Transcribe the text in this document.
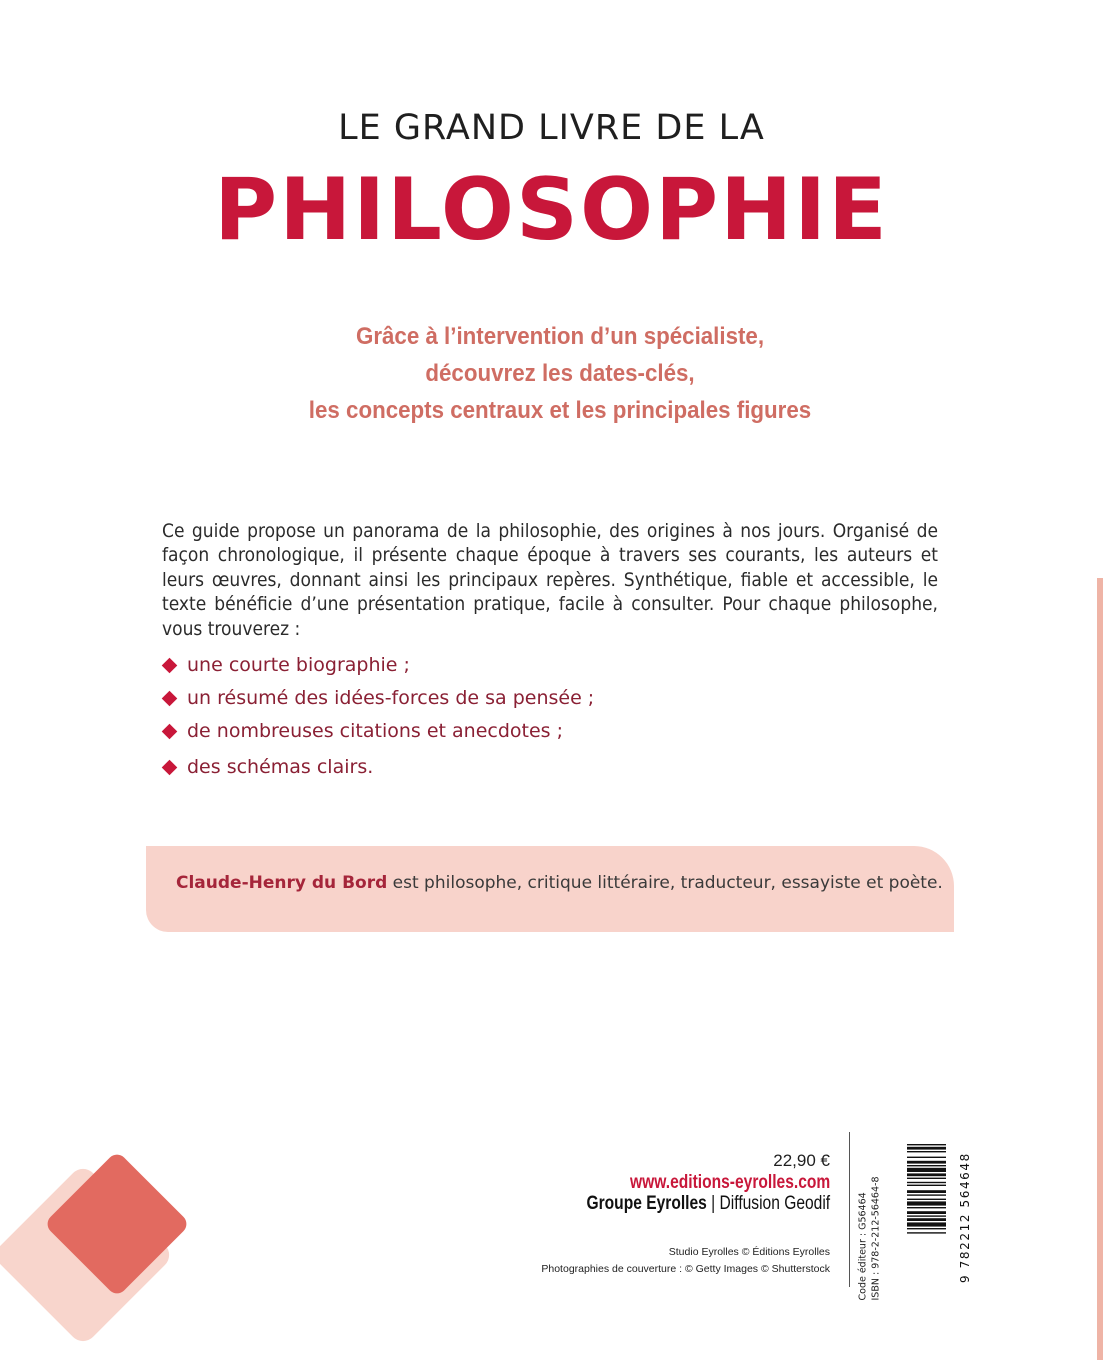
LE GRAND LIVRE DE LA
PHILOSOPHIE
Grâce à l’intervention d’un spécialiste,
découvrez les dates-clés,
les concepts centraux et les principales figures
Ce guide propose un panorama de la philosophie, des origines à nos jours. Organisé de façon chronologique, il présente chaque époque à travers ses courants, les auteurs et leurs œuvres, donnant ainsi les principaux repères. Synthétique, fiable et accessible, le texte bénéficie d’une présentation pratique, facile à consulter. Pour chaque philosophe, vous trouverez :
une courte biographie ;
un résumé des idées-forces de sa pensée ;
de nombreuses citations et anecdotes ;
des schémas clairs.
Claude-Henry du Bord est philosophe, critique littéraire, traducteur, essayiste et poète.
22,90 €
www.editions-eyrolles.com
Groupe Eyrolles | Diffusion Geodif
Studio Eyrolles © Éditions Eyrolles
Photographies de couverture : © Getty Images © Shutterstock	Code éditeur : G56464 ISBN : 978-2-212-56464-8	9 782212 564648
